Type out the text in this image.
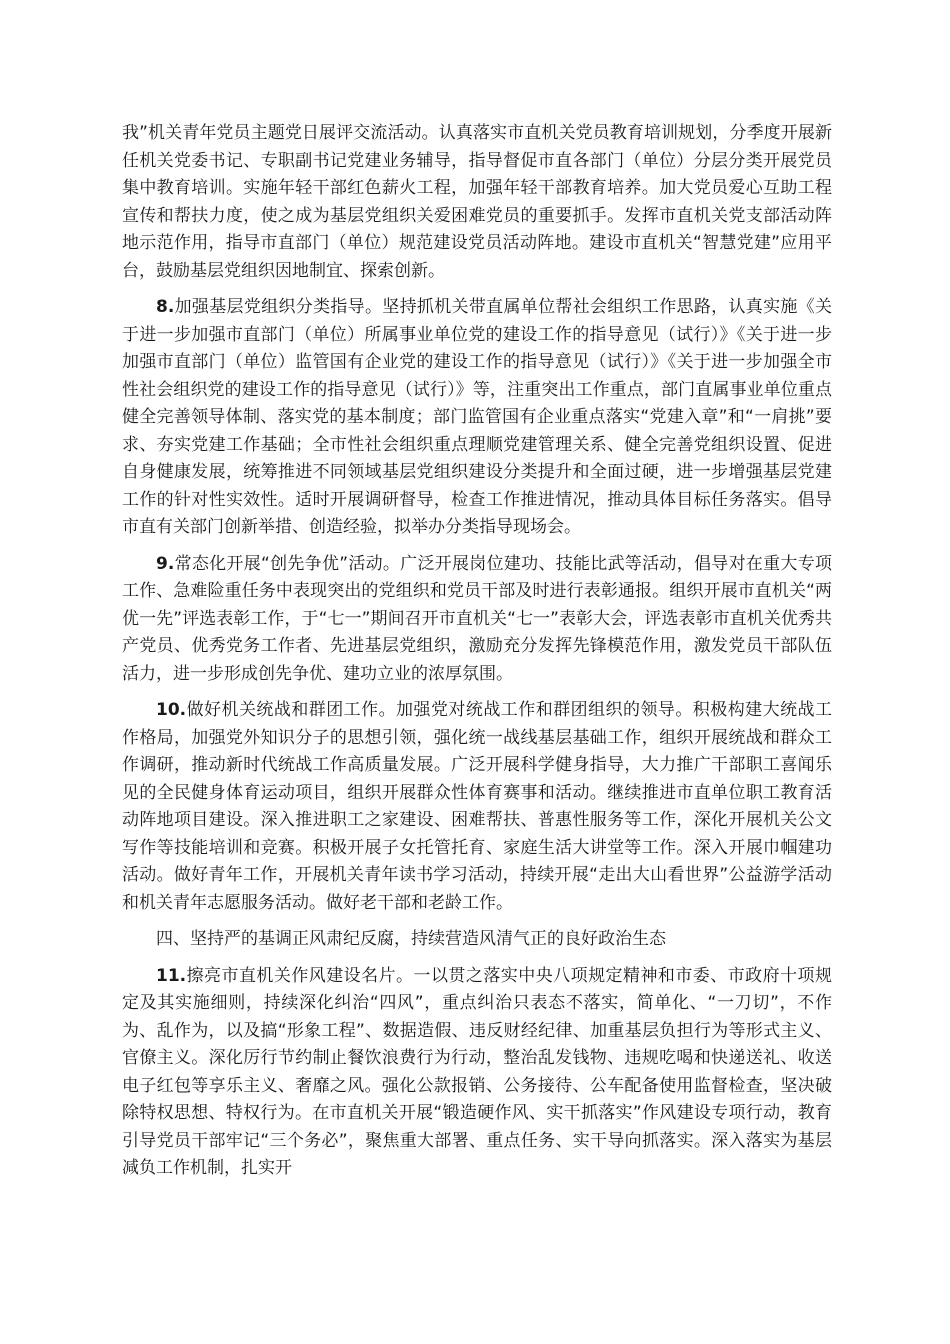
我”机关青年党员主题党日展评交流活动。认真落实市直机关党员教育培训规划，分季度开展新任机关党委书记、专职副书记党建业务辅导，指导督促市直各部门（单位）分层分类开展党员集中教育培训。实施年轻干部红色薪火工程，加强年轻干部教育培养。加大党员爱心互助工程宣传和帮扶力度，使之成为基层党组织关爱困难党员的重要抓手。发挥市直机关党支部活动阵地示范作用，指导市直部门（单位）规范建设党员活动阵地。建设市直机关“智慧党建”应用平台，鼓励基层党组织因地制宜、探索创新。

8.加强基层党组织分类指导。坚持抓机关带直属单位帮社会组织工作思路，认真实施《关于进一步加强市直部门（单位）所属事业单位党的建设工作的指导意见（试行）》《关于进一步加强市直部门（单位）监管国有企业党的建设工作的指导意见（试行）》《关于进一步加强全市性社会组织党的建设工作的指导意见（试行）》等，注重突出工作重点，部门直属事业单位重点健全完善领导体制、落实党的基本制度；部门监管国有企业重点落实“党建入章”和“一肩挑”要求、夯实党建工作基础；全市性社会组织重点理顺党建管理关系、健全完善党组织设置、促进自身健康发展，统筹推进不同领域基层党组织建设分类提升和全面过硬，进一步增强基层党建工作的针对性实效性。适时开展调研督导，检查工作推进情况，推动具体目标任务落实。倡导市直有关部门创新举措、创造经验，拟举办分类指导现场会。

9.常态化开展“创先争优”活动。广泛开展岗位建功、技能比武等活动，倡导对在重大专项工作、急难险重任务中表现突出的党组织和党员干部及时进行表彰通报。组织开展市直机关“两优一先”评选表彰工作，于“七一”期间召开市直机关“七一”表彰大会，评选表彰市直机关优秀共产党员、优秀党务工作者、先进基层党组织，激励充分发挥先锋模范作用，激发党员干部队伍活力，进一步形成创先争优、建功立业的浓厚氛围。

10.做好机关统战和群团工作。加强党对统战工作和群团组织的领导。积极构建大统战工作格局，加强党外知识分子的思想引领，强化统一战线基层基础工作，组织开展统战和群众工作调研，推动新时代统战工作高质量发展。广泛开展科学健身指导，大力推广干部职工喜闻乐见的全民健身体育运动项目，组织开展群众性体育赛事和活动。继续推进市直单位职工教育活动阵地项目建设。深入推进职工之家建设、困难帮扶、普惠性服务等工作，深化开展机关公文写作等技能培训和竞赛。积极开展子女托管托育、家庭生活大讲堂等工作。深入开展巾帼建功活动。做好青年工作，开展机关青年读书学习活动，持续开展“走出大山看世界”公益游学活动和机关青年志愿服务活动。做好老干部和老龄工作。

四、坚持严的基调正风肃纪反腐，持续营造风清气正的良好政治生态

11.擦亮市直机关作风建设名片。一以贯之落实中央八项规定精神和市委、市政府十项规定及其实施细则，持续深化纠治“四风”，重点纠治只表态不落实，简单化、“一刀切”，不作为、乱作为，以及搞“形象工程”、数据造假、违反财经纪律、加重基层负担行为等形式主义、官僚主义。深化厉行节约制止餐饮浪费行为行动，整治乱发钱物、违规吃喝和快递送礼、收送电子红包等享乐主义、奢靡之风。强化公款报销、公务接待、公车配备使用监督检查，坚决破除特权思想、特权行为。在市直机关开展“锻造硬作风、实干抓落实”作风建设专项行动，教育引导党员干部牢记“三个务必”，聚焦重大部署、重点任务、实干导向抓落实。深入落实为基层减负工作机制，扎实开
